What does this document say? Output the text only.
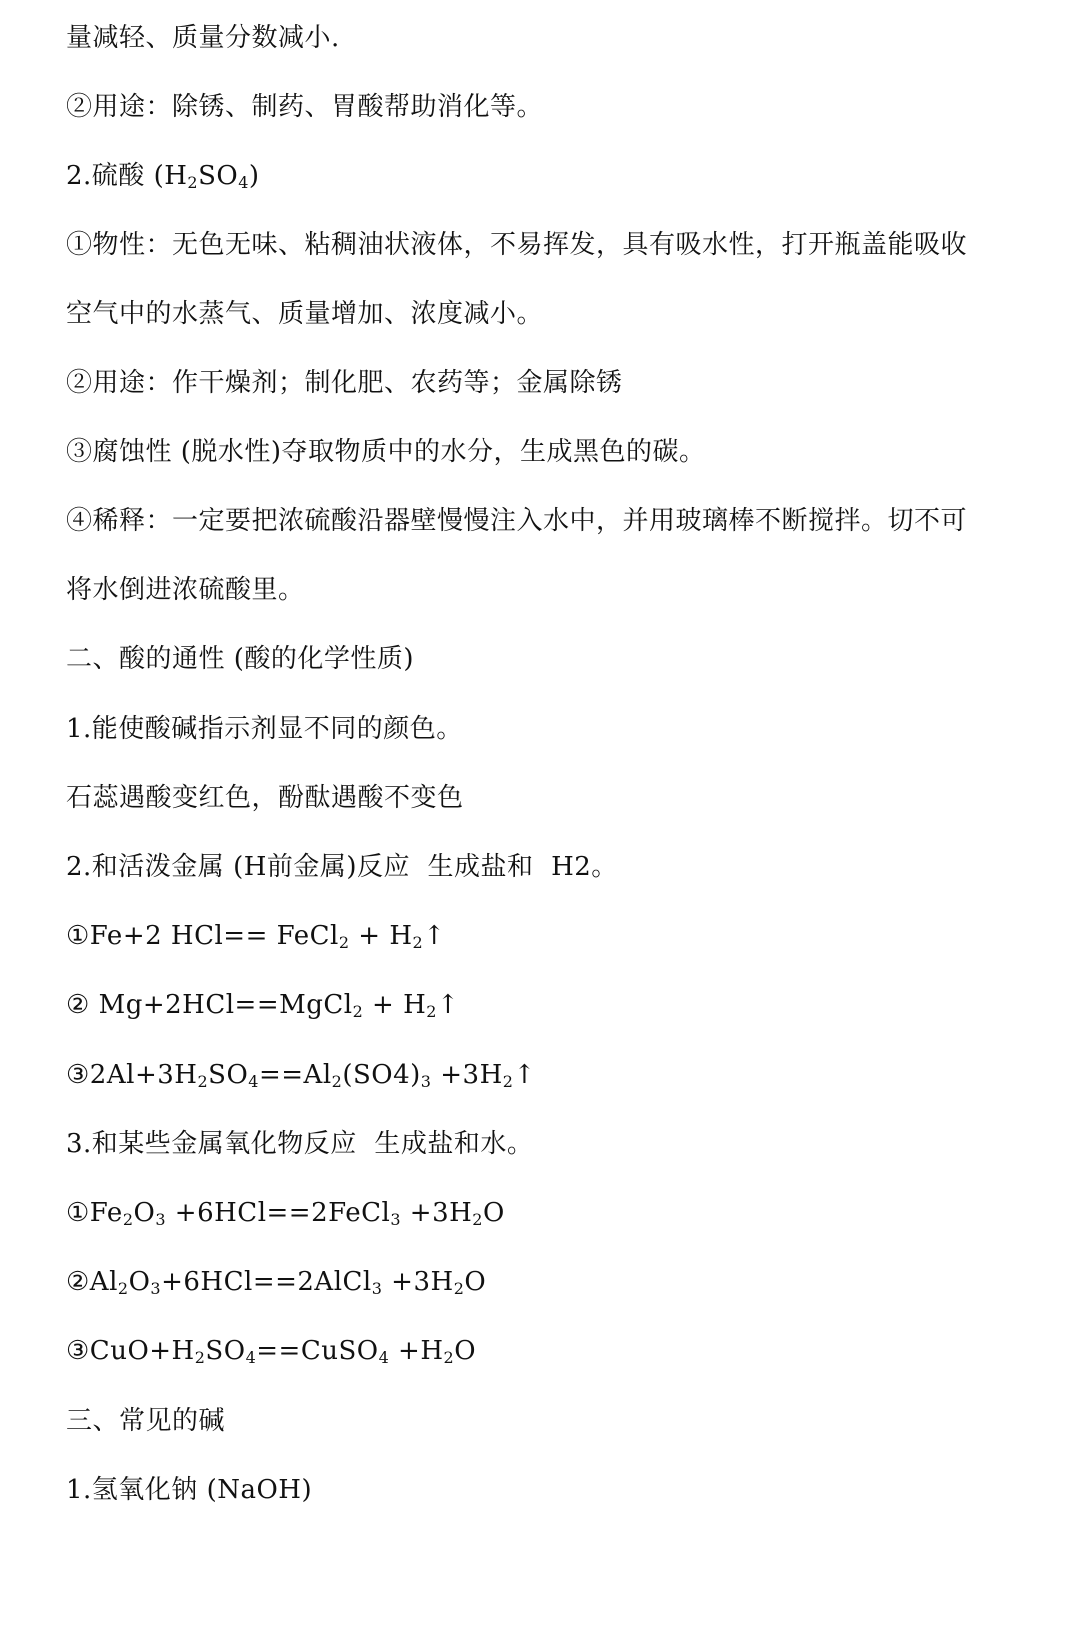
量减轻、质量分数减小.
②用途：除锈、制药、胃酸帮助消化等。
2.硫酸 $(H_2SO_4)$
①物性：无色无味、粘稠油状液体，不易挥发，具有吸水性，打开瓶盖能吸收
空气中的水蒸气、质量增加、浓度减小。
②用途：作干燥剂；制化肥、农药等；金属除锈
③腐蚀性 (脱水性)夺取物质中的水分，生成黑色的碳。
④稀释：一定要把浓硫酸沿器壁慢慢注入水中，并用玻璃棒不断搅拌。切不可
将水倒进浓硫酸里。
二、酸的通性 (酸的化学性质)
1.能使酸碱指示剂显不同的颜色。
石蕊遇酸变红色，酚酞遇酸不变色
2.和活泼金属 (H前金属)反应  生成盐和  H2。
①Fe+2 HCl== FeCl$_2$ + $H_2↑$
② Mg+2HCl==MgCl$_2$ + $H_2↑$
$③2Al+3H_2SO_4==Al_2(SO4)_3$ $+3H_2↑$
3.和某些金属氧化物反应  生成盐和水。
$①Fe_2O_3$ +6HCl==2FeCl$_3$ $+3H_2O$
$②Al_2O_3+6HCl==2AlCl_3 +3H_2O$
$③CuO+H_2SO_4==CuSO_4 +H_2O$
三、常见的碱
1.氢氧化钠 (NaOH)
